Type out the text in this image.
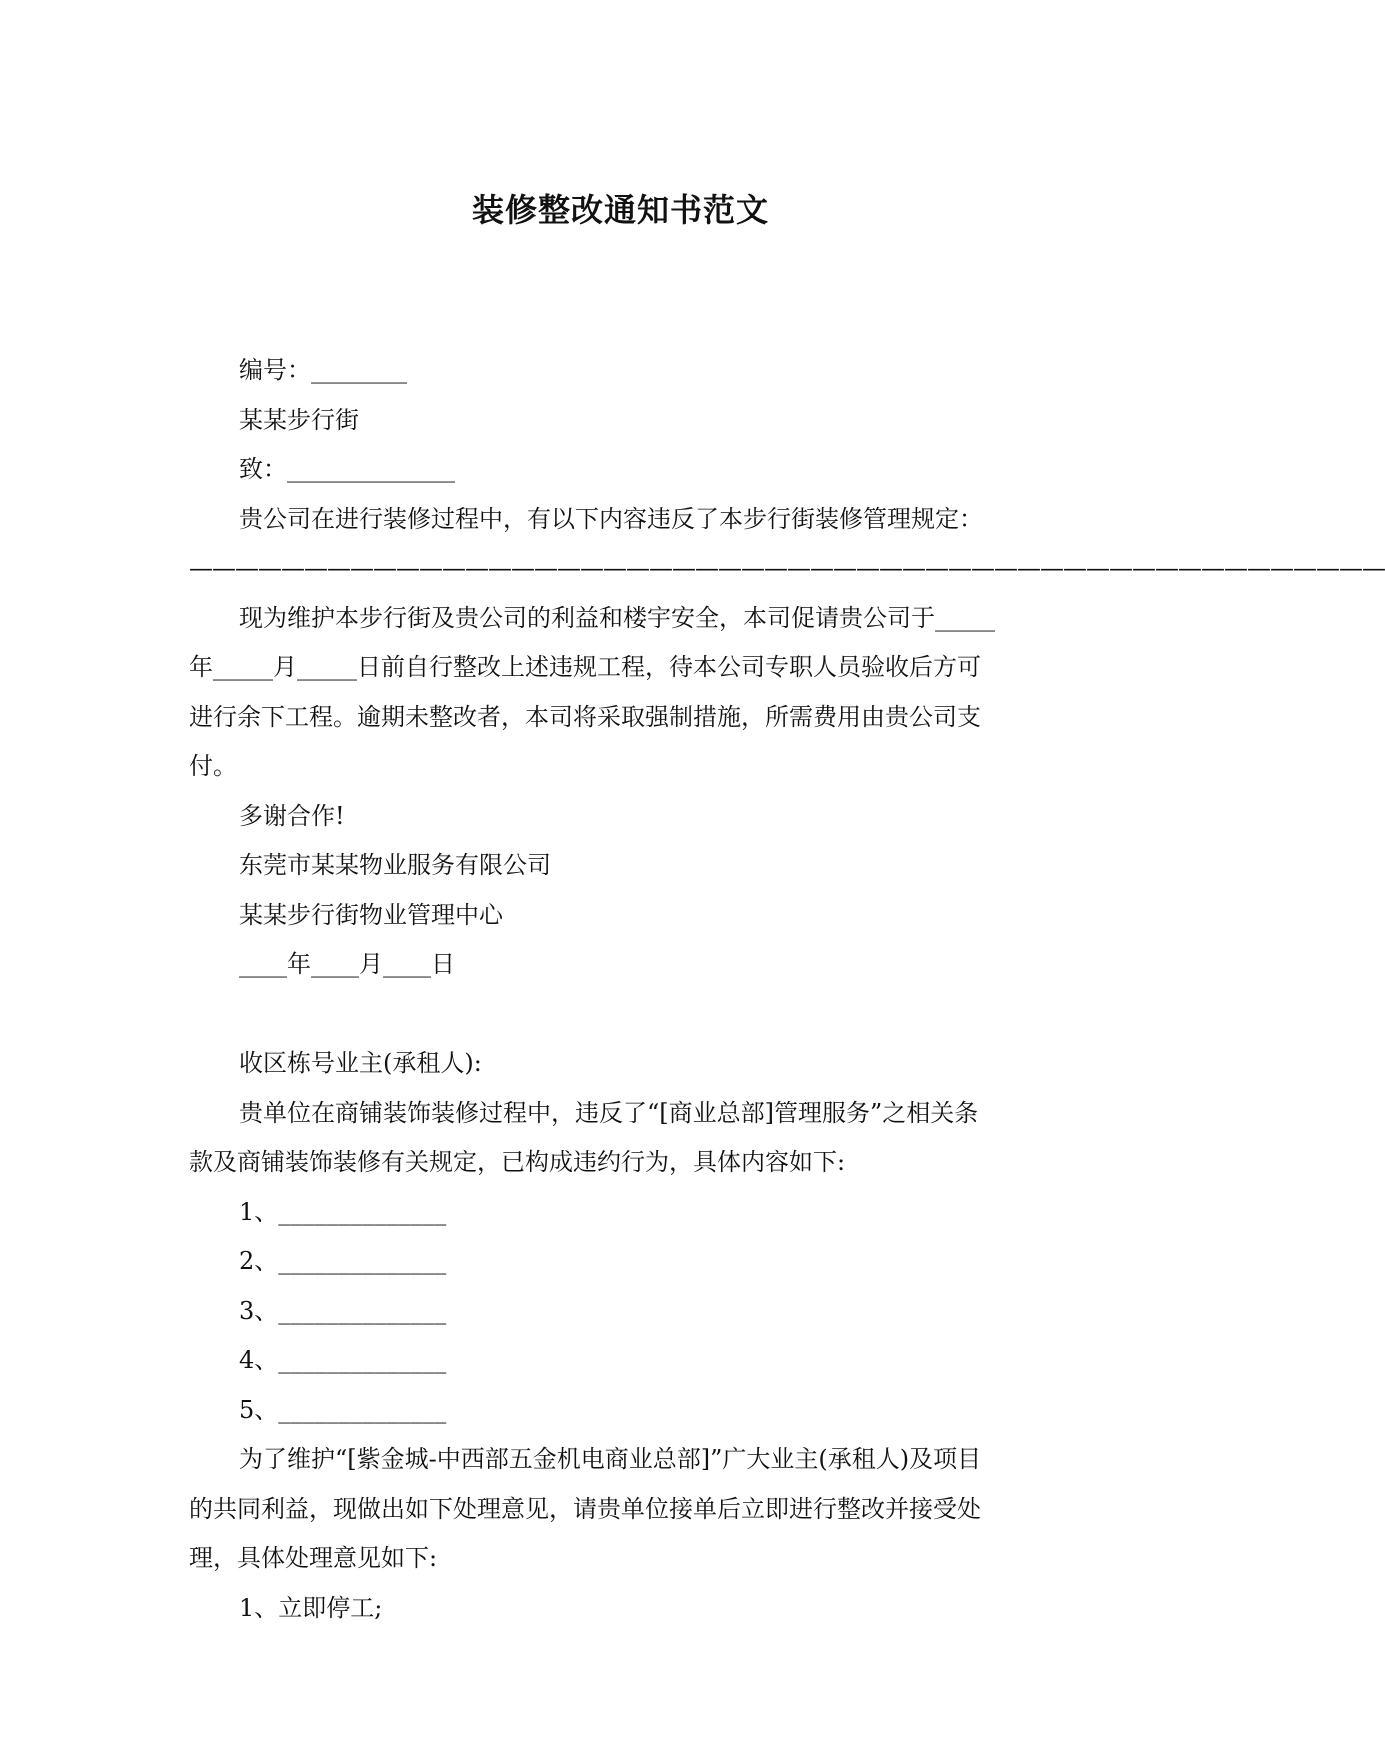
装修整改通知书范文

编号：________

某某步行街

致：______________

贵公司在进行装修过程中，有以下内容违反了本步行街装修管理规定：

————————————————————————————————————————————————————

现为维护本步行街及贵公司的利益和楼宇安全，本司促请贵公司于_____

年_____月_____日前自行整改上述违规工程，待本公司专职人员验收后方可

进行余下工程。逾期未整改者，本司将采取强制措施，所需费用由贵公司支

付。

多谢合作!

东莞市某某物业服务有限公司

某某步行街物业管理中心

____年____月____日

收区栋号业主(承租人):

贵单位在商铺装饰装修过程中，违反了“[商业总部]管理服务”之相关条

款及商铺装饰装修有关规定，已构成违约行为，具体内容如下:

1、______________

2、______________

3、______________

4、______________

5、______________

为了维护“[紫金城-中西部五金机电商业总部]”广大业主(承租人)及项目

的共同利益，现做出如下处理意见，请贵单位接单后立即进行整改并接受处

理，具体处理意见如下:

1、立即停工;
